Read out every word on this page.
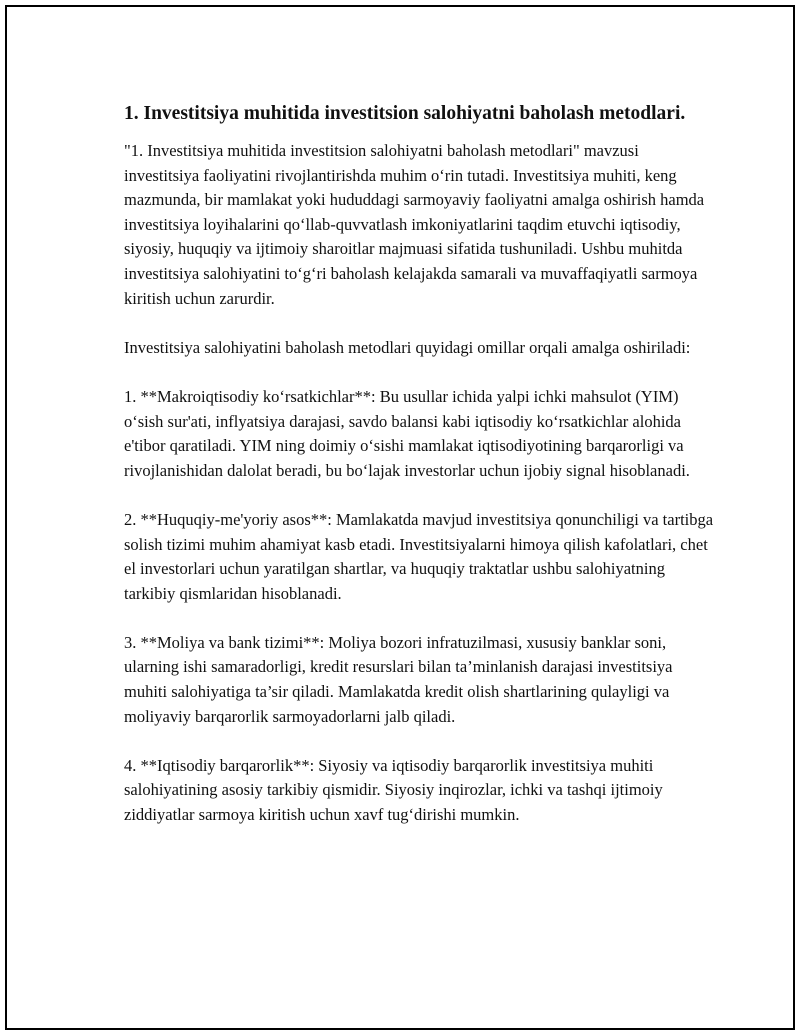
1. Investitsiya muhitida investitsion salohiyatni baholash metodlari.

"1. Investitsiya muhitida investitsion salohiyatni baholash metodlari" mavzusi investitsiya faoliyatini rivojlantirishda muhim oʻrin tutadi. Investitsiya muhiti, keng mazmunda, bir mamlakat yoki hududdagi sarmoyaviy faoliyatni amalga oshirish hamda investitsiya loyihalarini qoʻllab-quvvatlash imkoniyatlarini taqdim etuvchi iqtisodiy, siyosiy, huquqiy va ijtimoiy sharoitlar majmuasi sifatida tushuniladi. Ushbu muhitda investitsiya salohiyatini toʻgʻri baholash kelajakda samarali va muvaffaqiyatli sarmoya kiritish uchun zarurdir.

Investitsiya salohiyatini baholash metodlari quyidagi omillar orqali amalga oshiriladi:

1. **Makroiqtisodiy koʻrsatkichlar**: Bu usullar ichida yalpi ichki mahsulot (YIM) oʻsish sur'ati, inflyatsiya darajasi, savdo balansi kabi iqtisodiy koʻrsatkichlar alohida e'tibor qaratiladi. YIM ning doimiy oʻsishi mamlakat iqtisodiyotining barqarorligi va rivojlanishidan dalolat beradi, bu boʻlajak investorlar uchun ijobiy signal hisoblanadi.

2. **Huquqiy-me'yoriy asos**: Mamlakatda mavjud investitsiya qonunchiligi va tartibga solish tizimi muhim ahamiyat kasb etadi. Investitsiyalarni himoya qilish kafolatlari, chet el investorlari uchun yaratilgan shartlar, va huquqiy traktatlar ushbu salohiyatning tarkibiy qismlaridan hisoblanadi.

3. **Moliya va bank tizimi**: Moliya bozori infratuzilmasi, xususiy banklar soni, ularning ishi samaradorligi, kredit resurslari bilan ta’minlanish darajasi investitsiya muhiti salohiyatiga ta’sir qiladi. Mamlakatda kredit olish shartlarining qulayligi va moliyaviy barqarorlik sarmoyadorlarni jalb qiladi.

4. **Iqtisodiy barqarorlik**: Siyosiy va iqtisodiy barqarorlik investitsiya muhiti salohiyatining asosiy tarkibiy qismidir. Siyosiy inqirozlar, ichki va tashqi ijtimoiy ziddiyatlar sarmoya kiritish uchun xavf tugʻdirishi mumkin.
